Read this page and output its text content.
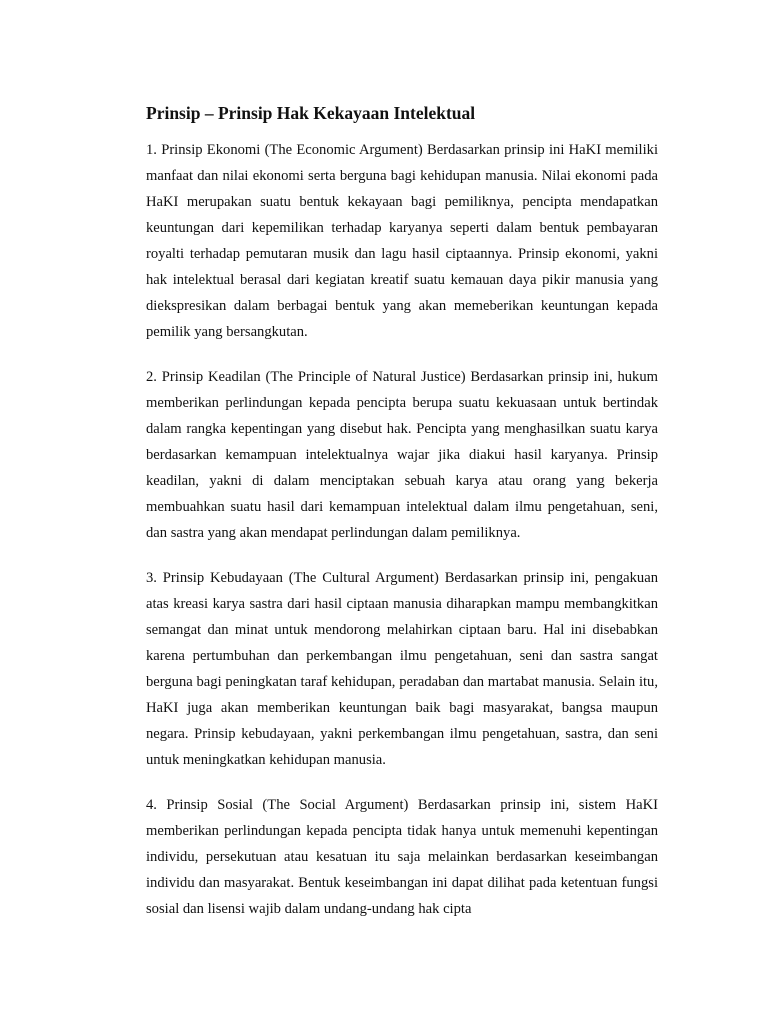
Prinsip – Prinsip Hak Kekayaan Intelektual

1. Prinsip Ekonomi (The Economic Argument) Berdasarkan prinsip ini HaKI memiliki manfaat dan nilai ekonomi serta berguna bagi kehidupan manusia. Nilai ekonomi pada HaKI merupakan suatu bentuk kekayaan bagi pemiliknya, pencipta mendapatkan keuntungan dari kepemilikan terhadap karyanya seperti dalam bentuk pembayaran royalti terhadap pemutaran musik dan lagu hasil ciptaannya. Prinsip ekonomi, yakni hak intelektual berasal dari kegiatan kreatif suatu kemauan daya pikir manusia yang diekspresikan dalam berbagai bentuk yang akan memeberikan keuntungan kepada pemilik yang bersangkutan.

2. Prinsip Keadilan (The Principle of Natural Justice) Berdasarkan prinsip ini, hukum memberikan perlindungan kepada pencipta berupa suatu kekuasaan untuk bertindak dalam rangka kepentingan yang disebut hak. Pencipta yang menghasilkan suatu karya berdasarkan kemampuan intelektualnya wajar jika diakui hasil karyanya. Prinsip keadilan, yakni di dalam menciptakan sebuah karya atau orang yang bekerja membuahkan suatu hasil dari kemampuan intelektual dalam ilmu pengetahuan, seni, dan sastra yang akan mendapat perlindungan dalam pemiliknya.

3. Prinsip Kebudayaan (The Cultural Argument) Berdasarkan prinsip ini, pengakuan atas kreasi karya sastra dari hasil ciptaan manusia diharapkan mampu membangkitkan semangat dan minat untuk mendorong melahirkan ciptaan baru. Hal ini disebabkan karena pertumbuhan dan perkembangan ilmu pengetahuan, seni dan sastra sangat berguna bagi peningkatan taraf kehidupan, peradaban dan martabat manusia. Selain itu, HaKI juga akan memberikan keuntungan baik bagi masyarakat, bangsa maupun negara. Prinsip kebudayaan, yakni perkembangan ilmu pengetahuan, sastra, dan seni untuk meningkatkan kehidupan manusia.

4. Prinsip Sosial (The Social Argument) Berdasarkan prinsip ini, sistem HaKI memberikan perlindungan kepada pencipta tidak hanya untuk memenuhi kepentingan individu, persekutuan atau kesatuan itu saja melainkan berdasarkan keseimbangan individu dan masyarakat. Bentuk keseimbangan ini dapat dilihat pada ketentuan fungsi sosial dan lisensi wajib dalam undang-undang hak cipta
